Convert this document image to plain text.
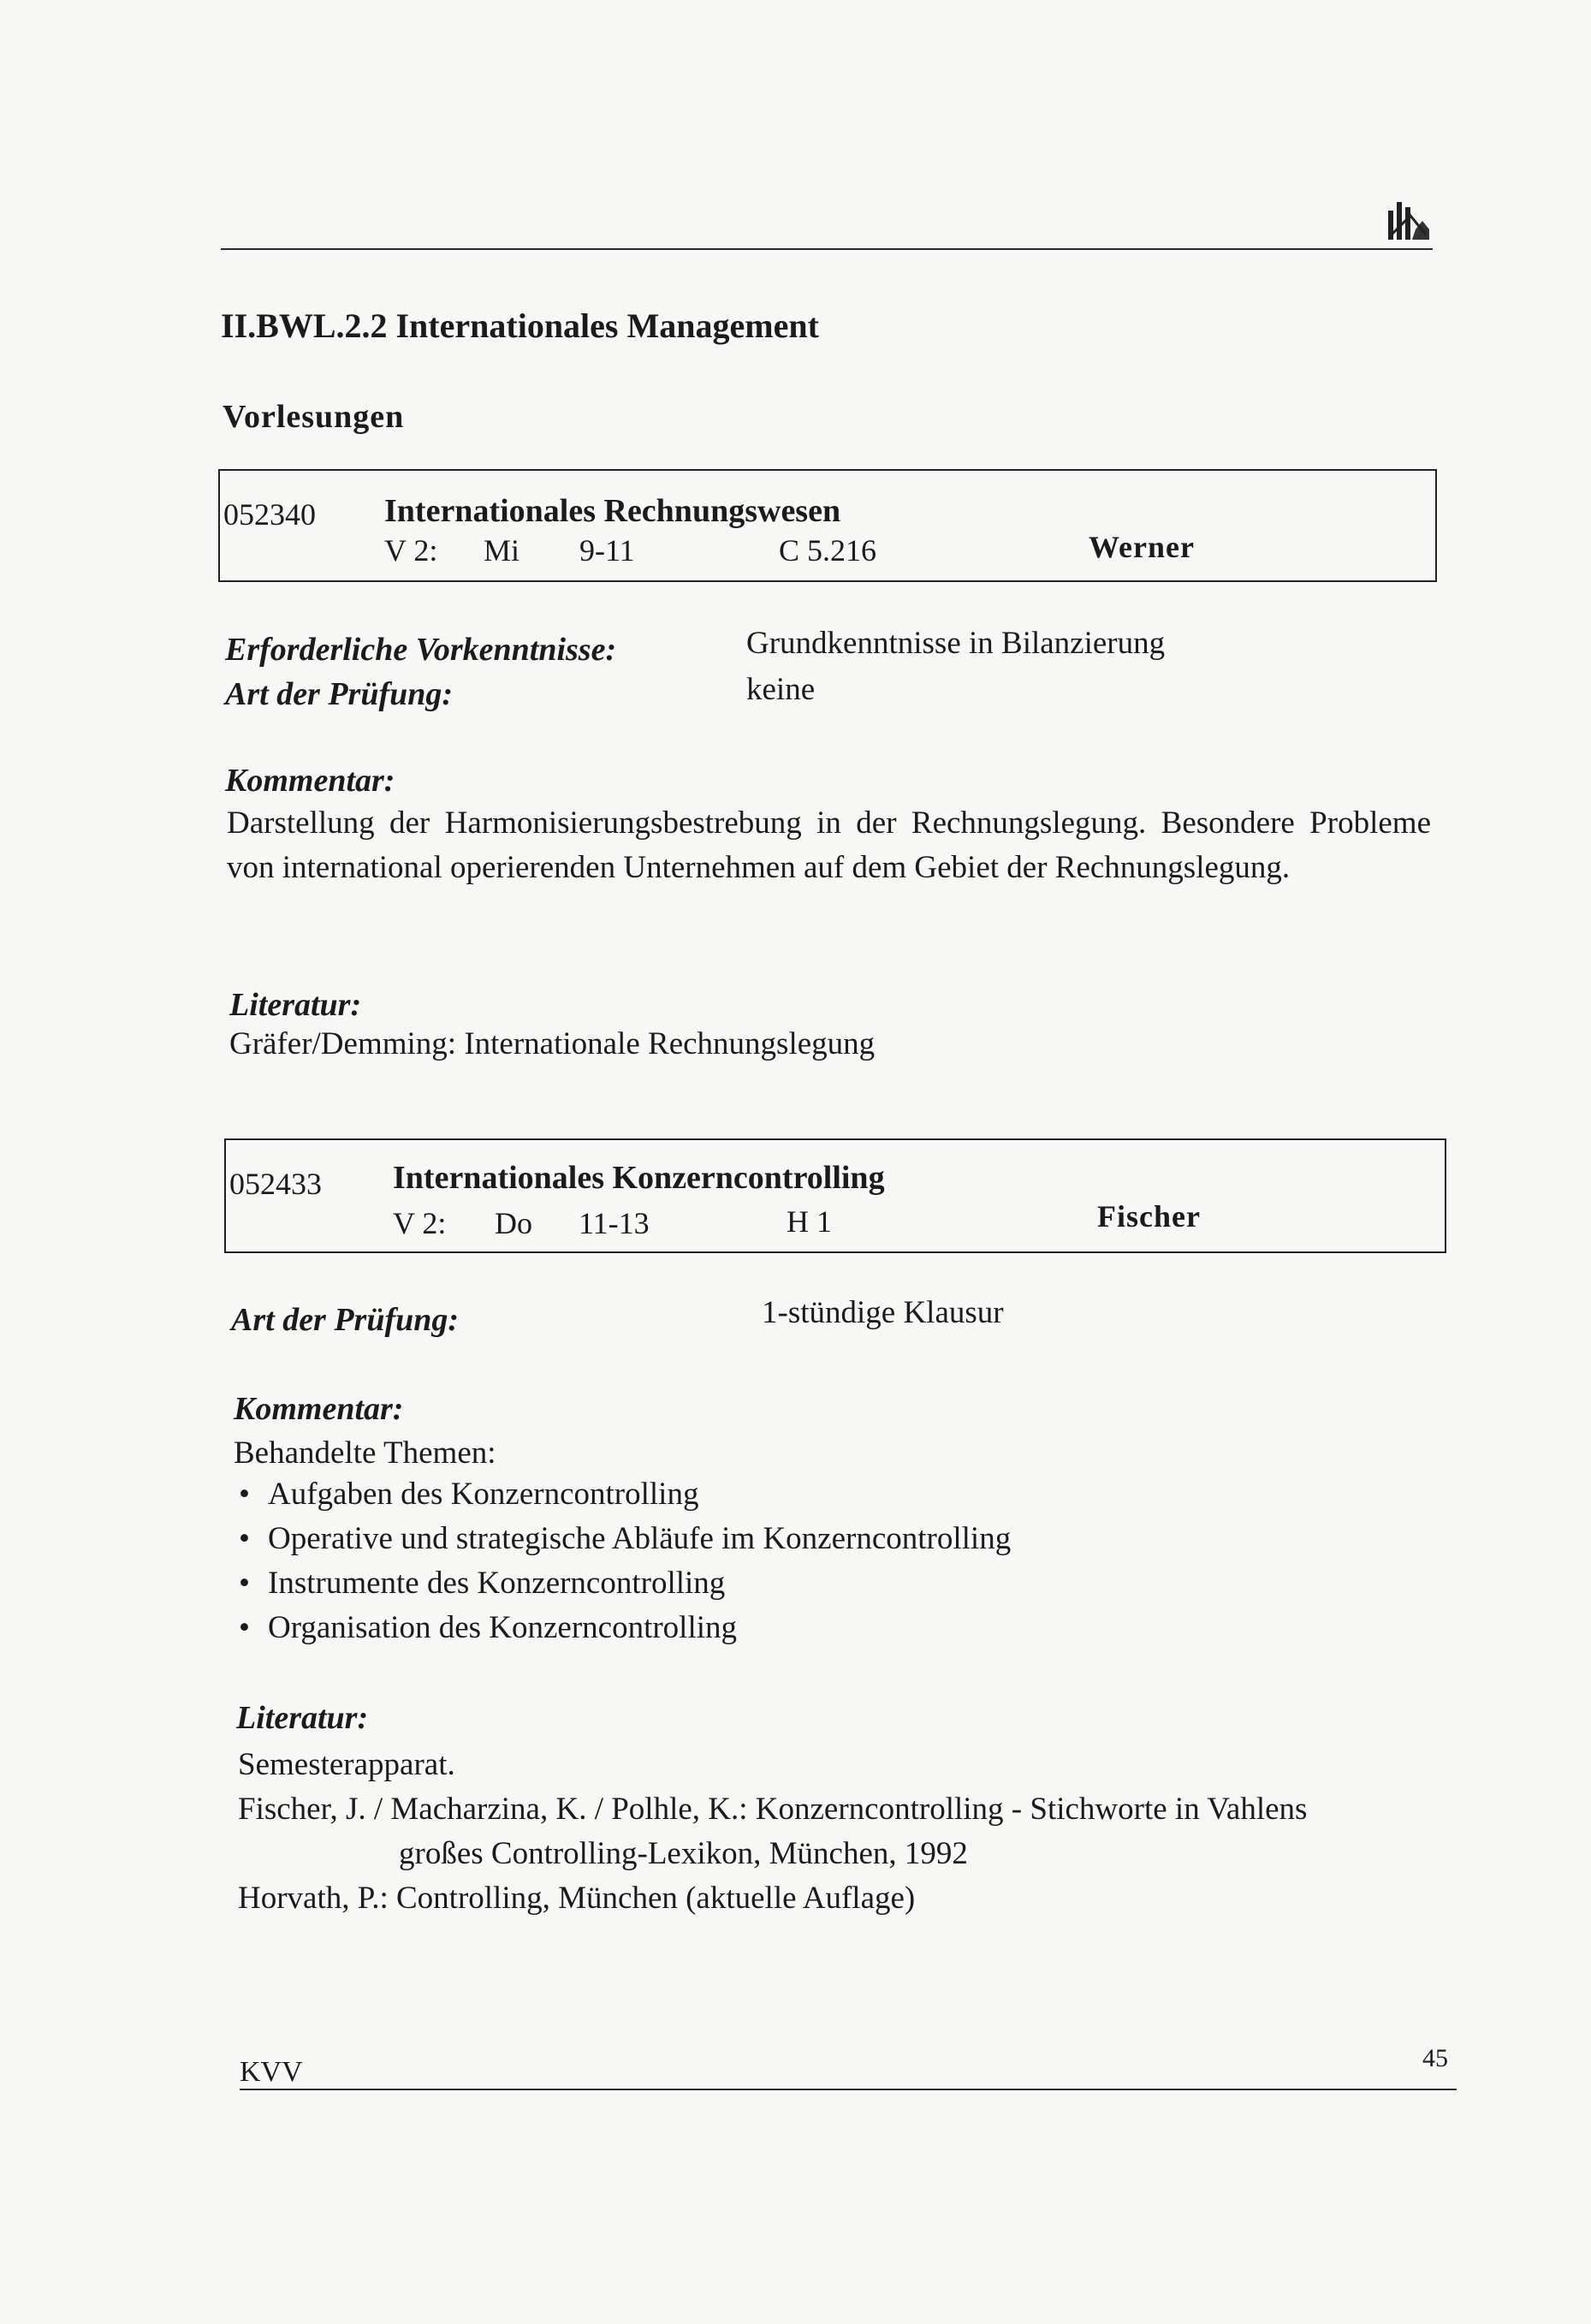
II.BWL.2.2 Internationales Management
Vorlesungen
052340 Internationales Rechnungswesen
V 2: Mi 9-11	C 5.216	Werner
Erforderliche Vorkenntnisse:	Grundkenntnisse in Bilanzierung
Art der Prüfung:	keine
Kommentar:
Darstellung der Harmonisierungsbestrebung in der Rechnungslegung. Besondere Probleme von international operierenden Unternehmen auf dem Gebiet der Rechnungslegung.
Literatur:
Gräfer/Demming: Internationale Rechnungslegung
052433 Internationales Konzerncontrolling
V 2: Do 11-13	H 1	Fischer
Art der Prüfung:	1-stündige Klausur
Kommentar:
Behandelte Themen:
• Aufgaben des Konzerncontrolling
• Operative und strategische Abläufe im Konzerncontrolling
• Instrumente des Konzerncontrolling
• Organisation des Konzerncontrolling
Literatur:
Semesterapparat.
Fischer, J. / Macharzina, K. / Polhle, K.: Konzerncontrolling - Stichworte in Vahlens
großes Controlling-Lexikon, München, 1992
Horvath, P.: Controlling, München (aktuelle Auflage)
KVV	45
